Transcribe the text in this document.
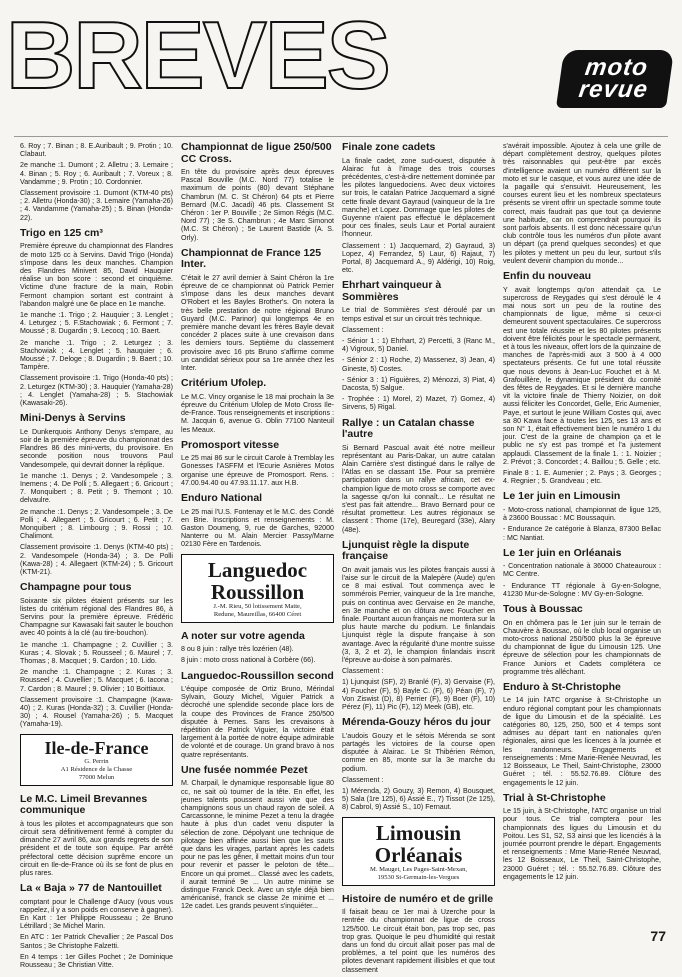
BREVES	moto
revue

6. Roy ; 7. Binan ; 8. E.Auribault ; 9. Protin ; 10. Clabaut.

2e manche :1. Dumont ; 2. Alletru ; 3. Lemaire ; 4. Binan ; 5. Roy ; 6. Auribault ; 7. Voreux ; 8. Vandamme ; 9. Protin ; 10. Cordonnier.

Classement provisoire :1. Dumont (KTM-40 pts) ; 2. Alletru (Honda-30) ; 3. Lemaire (Yamaha-26) ; 4. Vandamme (Yamaha-25) ; 5. Binan (Honda-22).

Trigo en 125 cm³

Première épreuve du championnat des Flandres de moto 125 cc à Servins. David Trigo (Honda) s'impose dans les deux manches. Champion des Flandres Minivert 85, David Hauquier réalise un bon score : second et cinquième. Victime d'une fracture de la main, Robin Fermont champion sortant est contraint à l'abandon malgré une 6e place en 1e manche.

1e manche :1. Trigo ; 2. Hauquier ; 3. Lenglet ; 4. Leturgez ; 5. F.Stachowiak ; 6. Fermont ; 7. Moussé ; 8. Dugardin ; 9. Lecocq ; 10. Baert.

2e manche :1. Trigo ; 2. Leturgez ; 3. Stachowiak ; 4. Lenglet ; 5. hauquier ; 6. Moussé ; 7. Deloge ; 8. Dugardin ; 9. Baert ; 10. Tampère.

Classement provisoire :1. Trigo (Honda-40 pts) ; 2. Leturgez (KTM-30) ; 3. Hauquier (Yamaha-28) ; 4. Lenglet (Yamaha-28) ; 5. Stachowiak (Kawasaki-26).

Mini-Denys à Servins

Le Dunkerquois Anthony Denys s'empare, au soir de la première épreuve du championnat des Flandres 86 des mini-verts, du provisoire. En seconde position nous trouvons Paul Vandesompele, qui devrait donner la réplique.

1e manche :1. Denys ; 2. Vandesompele ; 3. Inemens ; 4. De Polli ; 5. Allegaert ; 6. Gricourt ; 7. Monquibert ; 8. Petit ; 9. Themont ; 10. delvaulre.

2e manche :1. Denys ; 2. Vandesompele ; 3. De Polli ; 4. Allegaert ; 5. Gricourt ; 6. Petit ; 7. Monquibert ; 8. Limbourg ; 9. Rossi ; 10. Chalimont.

Classement provisoire :1. Denys (KTM-40 pts) ; 2. Vandesompele (Honda-34) ; 3. De Polli (Kawa-28) ; 4. Allegaert (KTM-24) ; 5. Gricourt (KTM-21).

Champagne pour tous

Soixante six pilotes étaient présents sur les listes du critérium régional des Flandres 86, à Servins pour la première épreuve. Frédéric Champagne sur Kawasaki fait sauter le bouchon avec 40 points à la clé (au tire-bouchon).

1e manche :1. Champagne ; 2. Cuvillier ; 3. Kuras ; 4. Slovak ; 5. Rousseel ; 6. Maurel ; 7. Thomas ; 8. Macquet ; 9. Cardon ; 10. Lido.

2e manche :1. Champagne ; 2. Kuras ; 3. Rousseel ; 4. Cuvellier ; 5. Macquet ; 6. Iacona ; 7. Cardon ; 8. Maurel ; 9. Olivier ; 10 Boittiaux.

Classement provisoire :1. Champagne (Kawa-40) ; 2. Kuras (Honda-32) ; 3. Cuvillier (Honda-30) ; 4. Rousel (Yamaha-26) ; 5. Macquet (Yamaha-19).

Ile-de-France
G. Perrin
A1 Résidence de la Chasse
77000 Melun
Le M.C. Limeil Brevannes communique

à tous les pilotes et accompagnateurs que son circuit sera définitivement fermé à compter du dimanche 27 avril 86, aux grands regrets de son président et de toute son équipe. Par arrêté préfectoral cette décision suprême encore un circuit en Ile-de-France où ils se font de plus en plus rares.

La « Baja » 77 de Nantouillet

comptant pour le Challenge d'Aucy (vous vous rappelez, il y a son poids en conserve à gagner). En Kart : 1er Philippe Rousseau ; 2e Bruno Létrillard ; 3e Michel Marin.

En ATC : 1er Patrick Chevallier ; 2e Pascal Dos Santos ; 3e Christophe Falzetti.

En 4 temps : 1er Gilles Pochet ; 2e Dominique Rousseau ; 3e Christian Vitte.

Championnat de ligue 250/500 CC Cross.

En tête du provisoire après deux épreuves Pascal Bouville (M.C. Nord 77) totalise le maximum de points (80) devant Stéphane Chambrun (M. C. St Chéron) 64 pts et Pierre Bernard (M.C. Jacadi) 46 pts. Classement St Chéron : 1er P. Bouville ; 2e Simon Régis (M.C. Nord 77) ; 3e S. Chambrun ; 4e Marc Simonot (M.C. St Chéron) ; 5e Laurent Bastide (A. S. Orly).

Championnat de France 125 Inter.

C'était le 27 avril dernier à Saint Chéron la 1re épreuve de ce championnat où Patrick Perrier s'impose dans les deux manches devant O'Robert et les Bayles Brother's. On notera la très belle prestation de notre régional Bruno Guyard (M.C. Parinor) qui longtemps 4e en première manche devant les frères Bayle devait concéder 2 places suite à une crevaison dans les derniers tours. Septième du classement provisoire avec 16 pts Bruno s'affirme comme un candidat sérieux pour sa 1re année chez les Inter.

Critérium Ufolep.

Le M.C. Vincy organise le 18 mai prochain la 3e épreuve du Critérium Ufolep de Moto Cross Ile-de-France. Tous renseignements et inscriptions : M. Jacquin 6, avenue G. Oblin 77100 Nanteuil les Meaux.

Promosport vitesse

Le 25 mai 86 sur le circuit Carole à Tremblay les Gonesses l'ASFFM et l'Ecurie Asnières Motos organise une épreuve de Promosport. Rens. : 47.00.94.40 ou 47.93.11.17. aux H.B.

Enduro National

Le 25 mai l'U.S. Fontenay et le M.C. des Condé en Brie. Inscriptions et renseignements : M. Gaston Doumeng, 9, rue de Garches, 92000 Nanterre ou M. Alain Mercier Passy/Marne 02130 Fère en Tardenois.

Languedoc
Roussillon
J.-M. Rieu, 50 lotissement Matte,
Redune, Maureillas, 66400 Céret
A noter sur votre agenda

8 ou 8 juin : rallye très lozérien (48).

8 juin : moto cross national à Corbère (66).

Languedoc-Roussillon second

L'équipe composée de Ortiz Bruno, Mérindal Sylvain, Gouzy Michel, Viguier Patrick a décroché une splendide seconde place lors de la coupe des Provinces de France 250/500 disputée à Pernes. Sans les crevaisons à répétition de Patrick Viguier, la victoire était largement à la portée de notre équipe admirable de volonté et de courage. Un grand bravo à nos quatre représentants.

Une fusée nommée Pezet

M. Charpail, le dynamique responsable ligue 80 cc, ne sait où tourner de la tête. En effet, les jeunes talents poussent aussi vite que des champignons sous un chaud rayon de soleil. A Carcassonne, le minime Pezet a tenu la dragée haute à plus d'un cadet venu disputer la sélection de zone. Dépolyant une technique de pilotage bien affinée aussi bien que les sauts que dans les virages, partant après les cadets pour ne pas les gêner, il mettait moins d'un tour pour revenir et passer le peloton de tête... Encore un qui promet... Classé avec les cadets, il aurait terminé 9e ... Un autre minime se distingue Franck Deck. Avec un style déjà bien américanisé, franck se classe 2e minime et ... 12e cadet. Les grands peuvent s'inquiéter...

Finale zone cadets

La finale cadet, zone sud-ouest, disputée à Alairac fut à l'image des trois courses précédentes, c'est-à-dire nettement dominée par les pilotes languedociens. Avec deux victoires sur trois, le catalan Patrice Jacquemard a signé cette finale devant Gayraud (vainqueur de la 1re manche) et Lopez. Dommage que les pilotes de Guyenne n'aient pas effectué le déplacement pour ces finales, seuls Laur et Portal auraient l'honneur.

Classement : 1) Jacquemard, 2) Gayraud, 3) Lopez, 4) Ferrandez, 5) Laur, 6) Rajaut, 7) Portal, 8) Jacquemard A., 9) Aldérigi, 10) Roig, etc.

Ehrhart vainqueur à Sommières

Le trial de Sommières s'est déroulé par un temps estival et sur un circuit très technique.

Classement :

- Sénior 1 : 1) Ehrhart, 2) Percetti, 3 (Ranc M., 4) Vigroux, 5) Daniel.

- Sénior 2 : 1) Roche, 2) Massenez, 3) Jean, 4) Gineste, 5) Costes.

- Sénior 3 : 1) Figuières, 2) Ménozzi, 3) Piat, 4) Dacosta, 5) Salgue.

- Trophée : 1) Morel, 2) Mazet, 7) Gomez, 4) Sirvens, 5) Rigal.

Rallye : un Catalan chasse l'autre

Si Bernard Pascual avait été notre meilleur représentant au Paris-Dakar, un autre catalan Alain Carrière s'est distingué dans le rallye de l'Atlas en se classant 15e. Pour sa première participation dans un rallye africain, cet ex-champion ligue de moto cross se comporte avec la sagesse qu'on lui connaît... Le résultat ne s'est pas fait attendre... Bravo Bernard pour ce résultat prometteur. Les autres régionaux se classent : Thome (17e), Beuregard (33e), Alary (48e).

Ljunquist règle la dispute française

On avait jamais vus les pilotes français aussi à l'aise sur le circuit de la Malepère (Aude) qu'en ce 8 mai estival. Tout commença avec le sommérois Perrier, vainqueur de la 1re manche, puis on continua avec Gervaise en 2e manche, en 3e manche et on clôtura avec Foucher en finale. Pourtant aucun français ne montera sur la plus haute marche du podium. Le finlandais Ljunquist règle la dispute française à son avantage. Avec la régularité d'une montre suisse (3, 3, 2 et 2), le champion finlandais inscrit l'épreuve au-doise à son palmarès.

Classement :

1) Ljunquist (SF), 2) Branlé (F), 3) Gervaise (F), 4) Foucher (F), 5) Bayle C. (F), 6) Péan (F), 7) Von Ziswist (D), 8) Perrier (F), 9) Boer (F), 10) Pérez (F), 11) Pic (F), 12) Meek (GB), etc.

Mérenda-Gouzy héros du jour

L'audois Gouzy et le sétois Mérenda se sont partagés les victoires de la course open disputée à Alairac. Le St Thibérien Rémon, comme en 85, monte sur la 3e marche du podium.

Classement :

1) Mérenda, 2) Gouzy, 3) Remon, 4) Bousquet, 5) Sala (1re 125), 6) Assié E., 7) Tissot (2e 125), 8) Cabrol, 9) Assié S., 10) Fernaut.

Limousin
Orléanais
M. Mauget, Les Pages-Saint-Mexan,
19530 St-Germain-les-Vergues
Histoire de numéro et de grille

Il faisait beau ce 1er mai à Uzerche pour la rentrée du championnat de ligue de cross 125/500. Le circuit était bon, pas trop sec, pas trop gras. Quoique le peu d'humidité qui restait dans un fond du circuit allait poser pas mal de problèmes, a tel point que les numéros des pilotes devenant rapidement illisibles et que tout classement

s'avérait impossible. Ajoutez à cela une grille de départ complètement destroy, quelques pilotes très raisonnables qui peut-être par excès d'intelligence avaient un numéro différent sur la moto et sur le casque, et vous aurez une idée de la pagaille qui s'ensuivit. Heureusement, les courses eurent lieu et les nombreux spectateurs présents se virent offrir un spectacle somme toute correct, mais faudrait pas que tout ça devienne une habitude, car on comprendrait pourquoi ils sont parfois absents. Il est donc nécessaire qu'un club contrôle tous les numéros d'un pilote avant un départ (ça prend quelques secondes) et que les pilotes y mettent un peu du leur, surtout s'ils veulent devenir champion du monde...

Enfin du nouveau

Y avait longtemps qu'on attendait ça. Le supercross de Reygades qui s'est déroulé le 4 mai nous sort un peu de la routine des championnats de ligue, même si ceux-ci demeurent souvent spectaculaires. Ce supercross est une totale réussite et les 80 pilotes présents doivent être félicités pour le spectacle permanent, et à tous les niveaux, offert lors de la quinzaine de manches de l'après-midi aux 3 500 à 4 000 spectateurs présents. Ce fut une total réussite que nous devons à Jean-Luc Fouchet et à M. Grafouillère, le dynamique président du comité des fêtes de Reygades. Et si le dernière manche vit la victoire finale de Thierry Noizier, on doit aussi féliciter les Concordet, Gelle, Eric Aumenier, Paye, et surtout le jeune William Costes qui, avec sa 80 Kawa face à toutes les 125, ses 13 ans et son N° 1, était effectivement bien le numéro 1 du jour. C'est de la graine de champion ça et le public ne s'y est pas trompé et l'a justement applaudi. Classement de la finale 1. : 1. Noizier ; 2. Prévot ; 3. Concordet ; 4. Baillou ; 5. Gelle ; etc.

Finale 8 : 1. E. Aumenier ; 2. Pays ; 3. Georges ; 4. Regnier ; 5. Grandveau ; etc.

Le 1er juin en Limousin

- Moto-cross national, championnat de ligue 125, à 23600 Boussac : MC Boussaquin.

- Endurance 2e catégorie à Blanza, 87300 Bellac : MC Nantiat.

Le 1er juin en Orléanais

- Concentration nationale à 36000 Chateauroux : MC Centre.

- Endurance TT régionale à Gy-en-Sologne, 41230 Mur-de-Sologne : MV Gy-en-Sologne.

Tous à Boussac

On en chômera pas le 1er juin sur le terrain de Chauvère à Boussac, où le club local organise un moto-cross national 250/500 plus la 3e épreuve du championnat de ligue du Limousin 125. Une épreuve de sélection pour les championnats de France Juniors et Cadets complétera ce programme très alléchant.

Enduro à St-Christophe

Le 14 juin l'ATC organise à St-Christophe un enduro régional comptant pour les championnats de ligue du Limousin et de la spécialité. Les catégories 80, 125, 250, 500 et 4 temps sont admises au départ tant en nationales qu'en régionales, ainsi que les licences à la journée et les randonneurs. Engagements et renseignements : Mme Marie-Renée Neuvrad, les 12 Boisseaux, Le Theil, Saint-Christophe, 23000 Guéret ; tél. : 55.52.76.89. Clôture des engagements le 12 juin.

Trial à St-Christophe

Le 15 juin, à St-Christophe, l'ATC organise un trial pour tous. Ce trial comptera pour les championnats des ligues du Limousin et du Poitou. Les S1, S2, S3 ainsi que les licenciés à la journée pourront prendre le départ. Engagements et renseignements : Mme Marie-Renée Neuvrad, les 12 Boisseaux, Le Theil, Saint-Christophe, 23000 Guéret ; tél. : 55.52.76.89. Clôture des engagements le 12 juin.

77
